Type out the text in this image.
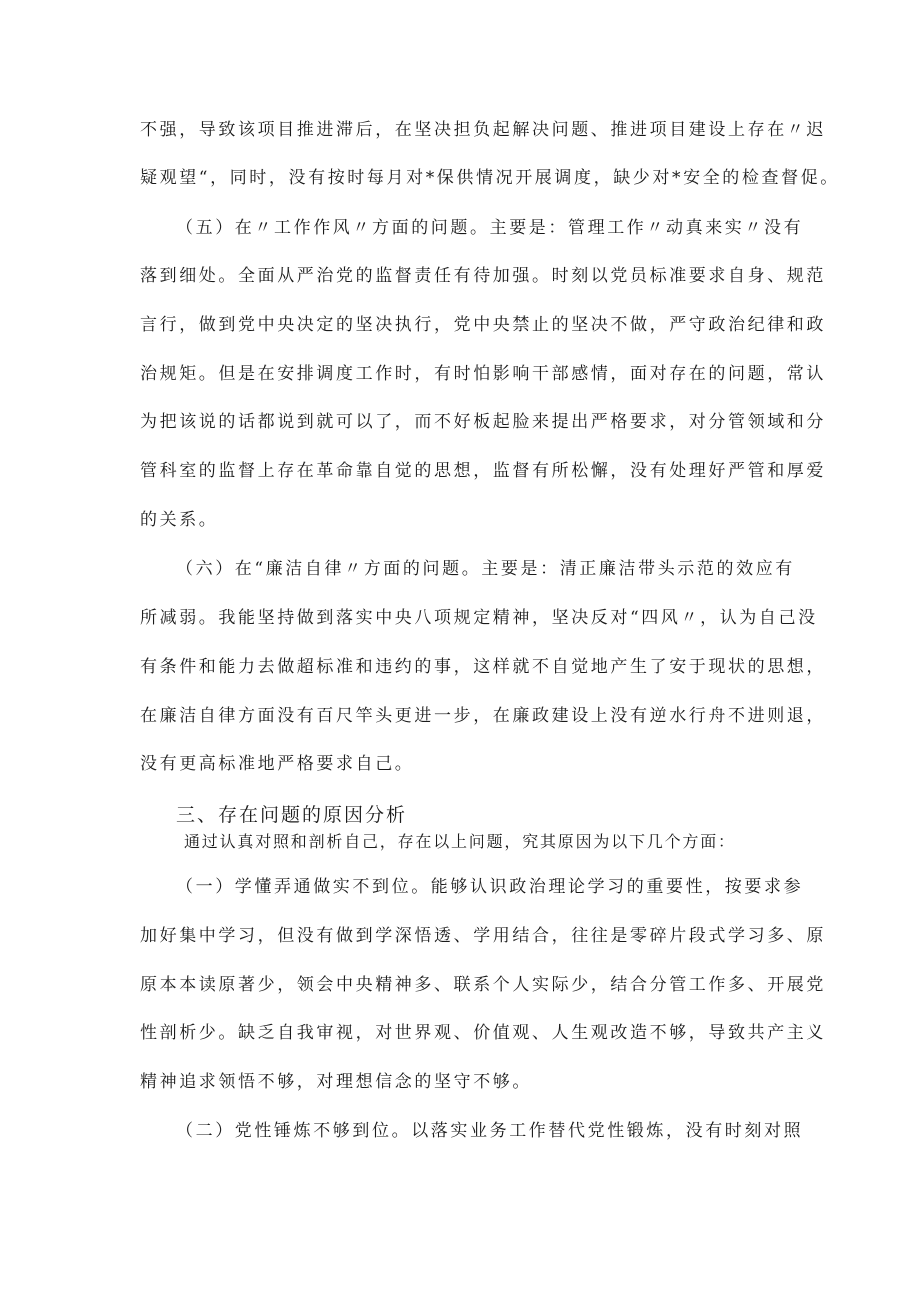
不强，导致该项目推进滞后，在坚决担负起解决问题、推进项目建设上存在〃迟
疑观望“，同时，没有按时每月对*保供情况开展调度，缺少对*安全的检查督促。
（五）在〃工作作风〃方面的问题。主要是：管理工作〃动真来实〃没有
落到细处。全面从严治党的监督责任有待加强。时刻以党员标准要求自身、规范
言行，做到党中央决定的坚决执行，党中央禁止的坚决不做，严守政治纪律和政
治规矩。但是在安排调度工作时，有时怕影响干部感情，面对存在的问题，常认
为把该说的话都说到就可以了，而不好板起脸来提出严格要求，对分管领域和分
管科室的监督上存在革命靠自觉的思想，监督有所松懈，没有处理好严管和厚爱
的关系。
（六）在“廉洁自律〃方面的问题。主要是：清正廉洁带头示范的效应有
所减弱。我能坚持做到落实中央八项规定精神，坚决反对“四风〃，认为自己没
有条件和能力去做超标准和违约的事，这样就不自觉地产生了安于现状的思想，
在廉洁自律方面没有百尺竿头更进一步，在廉政建设上没有逆水行舟不进则退，
没有更高标准地严格要求自己。
三、存在问题的原因分析
通过认真对照和剖析自己，存在以上问题，究其原因为以下几个方面：
（一）学懂弄通做实不到位。能够认识政治理论学习的重要性，按要求参
加好集中学习，但没有做到学深悟透、学用结合，往往是零碎片段式学习多、原
原本本读原著少，领会中央精神多、联系个人实际少，结合分管工作多、开展党
性剖析少。缺乏自我审视，对世界观、价值观、人生观改造不够，导致共产主义
精神追求领悟不够，对理想信念的坚守不够。
（二）党性锤炼不够到位。以落实业务工作替代党性锻炼，没有时刻对照
